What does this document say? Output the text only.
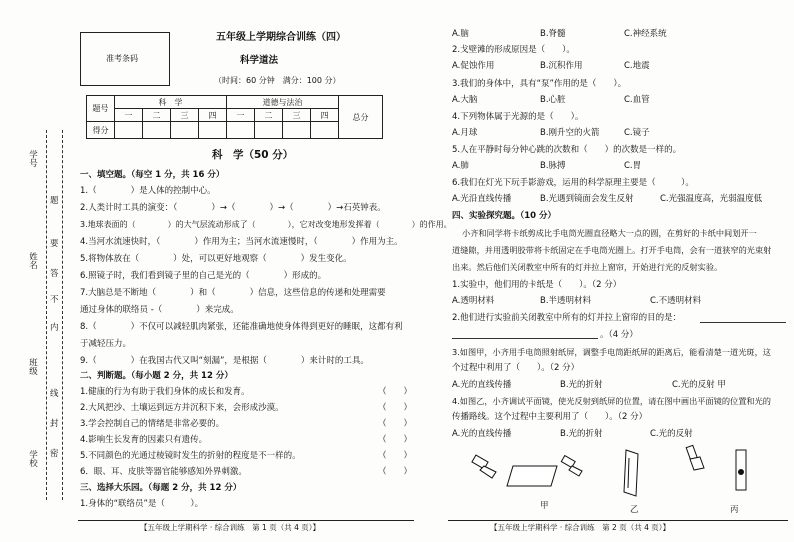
学号
姓名
班级
学校
题
要
不
内
线
封
密
答
准考条码
五年级上学期综合训练（四）
科学道法
（时间：60 分钟　满分：100 分）
题号	科　学				道德与法治				总分
	一	二	三	四	一	二	三	四	
得分									
科　学（50 分）
一、填空题。（每空 1 分，共 16 分）
1.（　　　　）是人体的控制中心。
2.人类计时工具的演变：（　　　　）→（　　　　）→（　　　　）→石英钟表。
3.地球表面的（　　　　）的大气层流动形成了（　　　　），它对改变地形发挥着（　　　　）的作用。
4.当河水流速快时，（　　　　）作用为主；当河水流速慢时，（　　　　）作用为主。
5.将物体放在（　　　　）处，可以更好地观察（　　　　）发生变化。
6.照镜子时，我们看到镜子里的自己是光的（　　　　）形成的。
7.大脑总是不断地（　　　　）和（　　　　）信息，这些信息的传递和处理需要
通过身体的联络员 -（　　　　）来完成。
8.（　　　　）不仅可以减轻肌肉紧张，还能准确地使身体得到更好的睡眠，这都有利
于减轻压力。
9.（　　　　）在我国古代又叫“刻漏”，是根据（　　　　）来计时的工具。
二、判断题。（每小题 2 分，共 12 分）
1.健康的行为有助于我们身体的成长和发育。	（　　）
2.大风把沙、土壤运到远方并沉积下来，会形成沙漠。	（　　）
3.学会控制自己的情绪是非常必要的。	（　　）
4.影响生长发育的因素只有遗传。	（　　）
5.不同颜色的光通过棱镜时发生的折射的程度是不一样的。	（　　）
6．眼、耳、皮肤等器官能够感知外界刺激。	（　　）
三、选择大乐园。（每题 2 分，共 12 分）
1.身体的“联络员”是（　　　）。
【五年级上学期科学 · 综合训练　第 1 页（共 4 页）】
A.脑	B.脊髓	C.神经系统
2.戈壁滩的形成原因是（　　）。
A.促蚀作用	B.沉积作用	C.地震
3.我们的身体中，具有“泵”作用的是（　　）。
A.大脑	B.心脏	C.血管
4.下列物体属于光源的是（　　）。
A.月球	B.刚升空的火箭	C.镜子
5.人在平静时每分钟心跳的次数和（　　）的次数是一样的。
A.肺	B.脉搏	C.胃
6.我们在灯光下玩手影游戏，运用的科学原理主要是（　　　）。
A.光沿直线传播	B.光遇到镜面会发生反射	C.光强温度高，光弱温度低
四、实验探究题。（10 分）
小齐和同学将卡纸剪成比手电筒光圈直径略大一点的圆，在剪好的卡纸中间划开一
道缝隙，并用透明胶带将卡纸固定在手电筒光圈上。打开手电筒，会有一道狭窄的光束射
出来。然后他们关闭教室中所有的灯并拉上窗帘，开始进行光的反射实验。
1.实验中，他们用的卡纸是（　　）。（2 分）
A.透明材料	B.半透明材料	C.不透明材料
2.他们进行实验前关闭教室中所有的灯并拉上窗帘的目的是：
。（4 分）
3.如图甲，小齐用手电筒照射纸屏，调整手电筒距纸屏的距离后，能看清楚一道光斑，这
个过程中利用了（　　）。（2 分）
A.光的直线传播	B.光的折射	C.光的反射 甲
4.如图乙，小齐调试平面镜，使光反射到纸屏的位置，请在图中画出平面镜的位置和光的
传播路线。这个过程中主要利用了（　　）。（2 分）
A.光的直线传播	B.光的折射	C.光的反射
甲	乙	丙
【五年级上学期科学 · 综合训练　第 2 页（共 4 页）】
